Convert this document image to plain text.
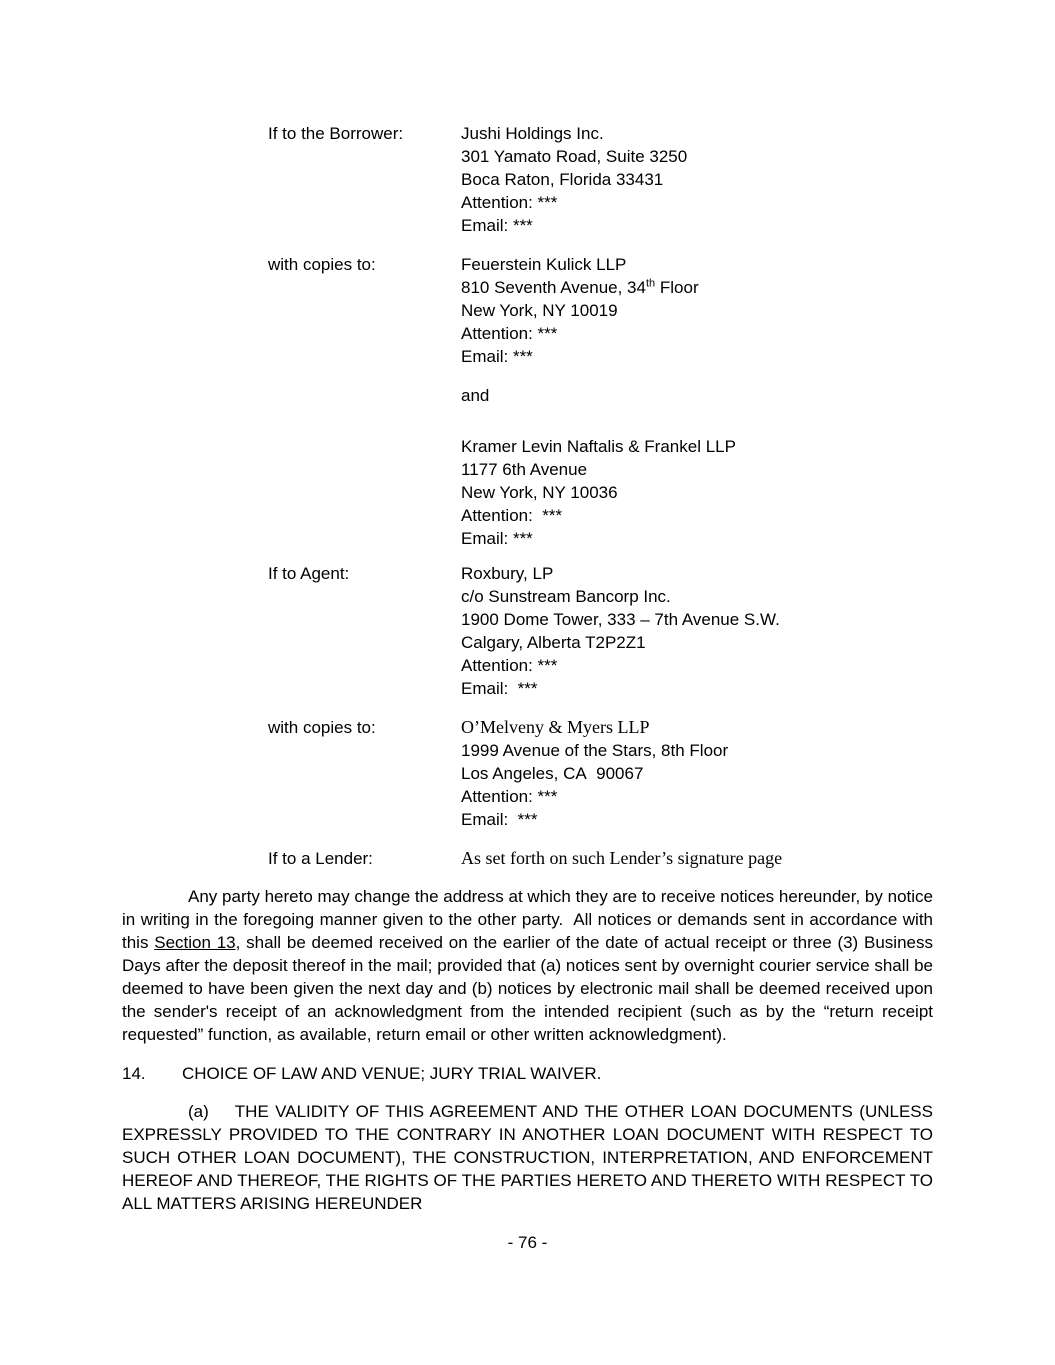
If to the Borrower:	Jushi Holdings Inc.
301 Yamato Road, Suite 3250
Boca Raton, Florida 33431
Attention: ***
Email: ***
with copies to:	Feuerstein Kulick LLP
810 Seventh Avenue, 34th Floor
New York, NY 10019
Attention: ***
Email: ***
and
Kramer Levin Naftalis & Frankel LLP
1177 6th Avenue
New York, NY 10036
Attention:  ***
Email: ***
If to Agent:	Roxbury, LP
c/o Sunstream Bancorp Inc.
1900 Dome Tower, 333 – 7th Avenue S.W.
Calgary, Alberta T2P2Z1
Attention: ***
Email:  ***
with copies to:	O’Melveny & Myers LLP
1999 Avenue of the Stars, 8th Floor
Los Angeles, CA  90067
Attention: ***
Email:  ***
If to a Lender:	As set forth on such Lender’s signature page

Any party hereto may change the address at which they are to receive notices hereunder, by notice in writing in the foregoing manner given to the other party.  All notices or demands sent in accordance with this Section 13, shall be deemed received on the earlier of the date of actual receipt or three (3) Business Days after the deposit thereof in the mail; provided that (a) notices sent by overnight courier service shall be deemed to have been given the next day and (b) notices by electronic mail shall be deemed received upon the sender's receipt of an acknowledgment from the intended recipient (such as by the “return receipt requested” function, as available, return email or other written acknowledgment).

14. CHOICE OF LAW AND VENUE; JURY TRIAL WAIVER.

(a) THE VALIDITY OF THIS AGREEMENT AND THE OTHER LOAN DOCUMENTS (UNLESS EXPRESSLY PROVIDED TO THE CONTRARY IN ANOTHER LOAN DOCUMENT WITH RESPECT TO SUCH OTHER LOAN DOCUMENT), THE CONSTRUCTION, INTERPRETATION, AND ENFORCEMENT HEREOF AND THEREOF, THE RIGHTS OF THE PARTIES HERETO AND THERETO WITH RESPECT TO ALL MATTERS ARISING HEREUNDER

- 76 -
